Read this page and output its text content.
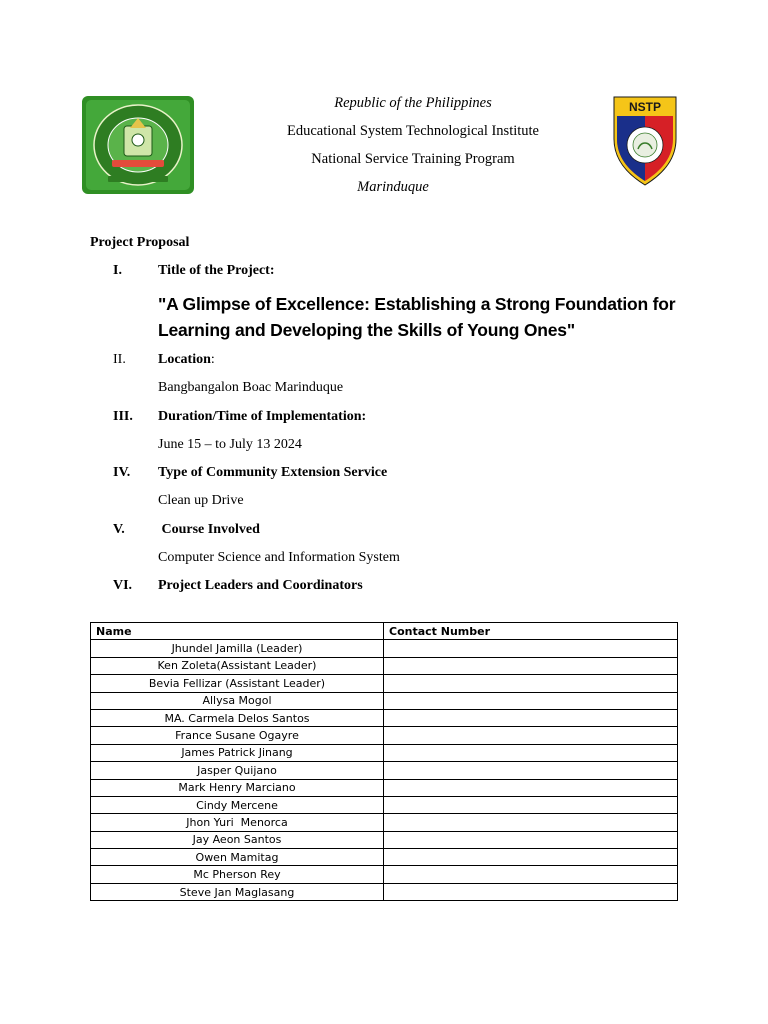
Republic of the Philippines
Educational System Technological Institute
National Service Training Program
Marinduque
NSTP
Project Proposal
I.	Title of the Project:
"A Glimpse of Excellence: Establishing a Strong Foundation for Learning and Developing the Skills of Young Ones"
II. Location:
Bangbangalon Boac Marinduque
III. Duration/Time of Implementation:
June 15 – to July 13 2024
IV. Type of Community Extension Service
Clean up Drive
V. Course Involved
Computer Science and Information System
VI. Project Leaders and Coordinators
Name	Contact Number
Jhundel Jamilla (Leader)	
Ken Zoleta(Assistant Leader)	
Bevia Fellizar (Assistant Leader)	
Allysa Mogol	
MA. Carmela Delos Santos	
France Susane Ogayre	
James Patrick Jinang	
Jasper Quijano	
Mark Henry Marciano	
Cindy Mercene	
Jhon Yuri  Menorca	
Jay Aeon Santos	
Owen Mamitag	
Mc Pherson Rey	
Steve Jan Maglasang	
